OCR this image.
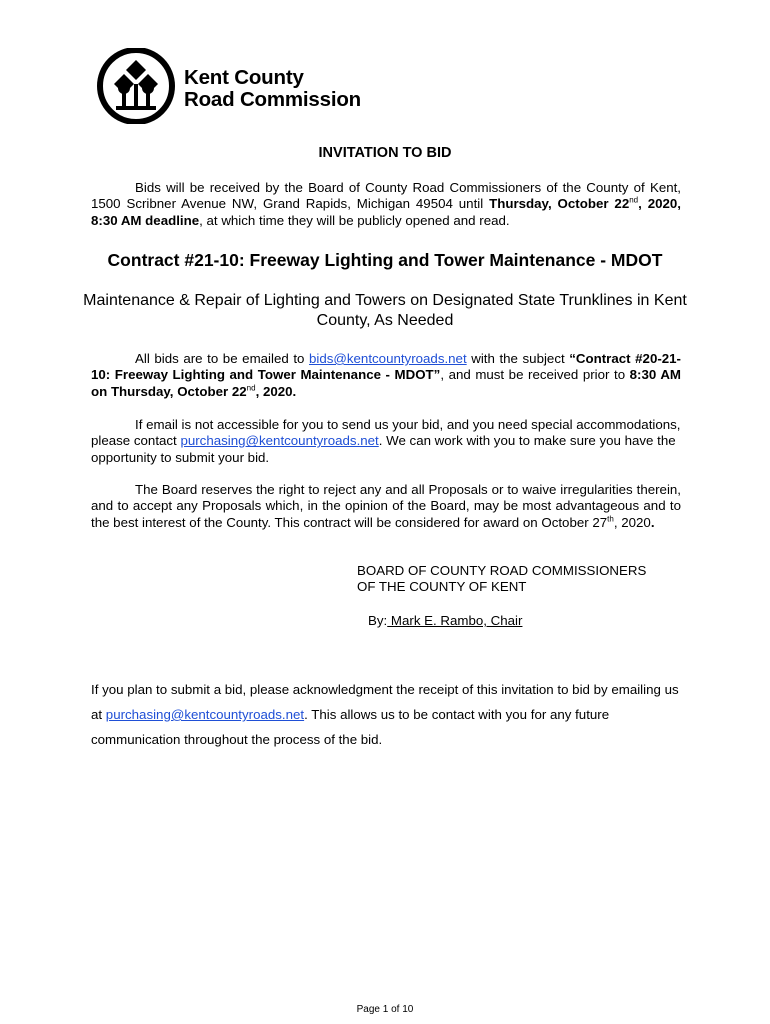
Kent County
Road Commission
INVITATION TO BID
Bids will be received by the Board of County Road Commissioners of the County of Kent, 1500 Scribner Avenue NW, Grand Rapids, Michigan 49504 until Thursday, October 22nd, 2020, 8:30 AM deadline, at which time they will be publicly opened and read.
Contract #21-10: Freeway Lighting and Tower Maintenance - MDOT
Maintenance & Repair of Lighting and Towers on Designated State Trunklines in Kent County, As Needed
All bids are to be emailed to bids@kentcountyroads.net with the subject “Contract #20-21-10: Freeway Lighting and Tower Maintenance - MDOT”, and must be received prior to 8:30 AM on Thursday, October 22nd, 2020.
If email is not accessible for you to send us your bid, and you need special accommodations, please contact purchasing@kentcountyroads.net. We can work with you to make sure you have the opportunity to submit your bid.
The Board reserves the right to reject any and all Proposals or to waive irregularities therein, and to accept any Proposals which, in the opinion of the Board, may be most advantageous and to the best interest of the County. This contract will be considered for award on October 27th, 2020.
BOARD OF COUNTY ROAD COMMISSIONERS
OF THE COUNTY OF KENT
By: Mark E. Rambo, Chair
If you plan to submit a bid, please acknowledgment the receipt of this invitation to bid by emailing us at purchasing@kentcountyroads.net. This allows us to be contact with you for any future communication throughout the process of the bid.
Page 1 of 10
